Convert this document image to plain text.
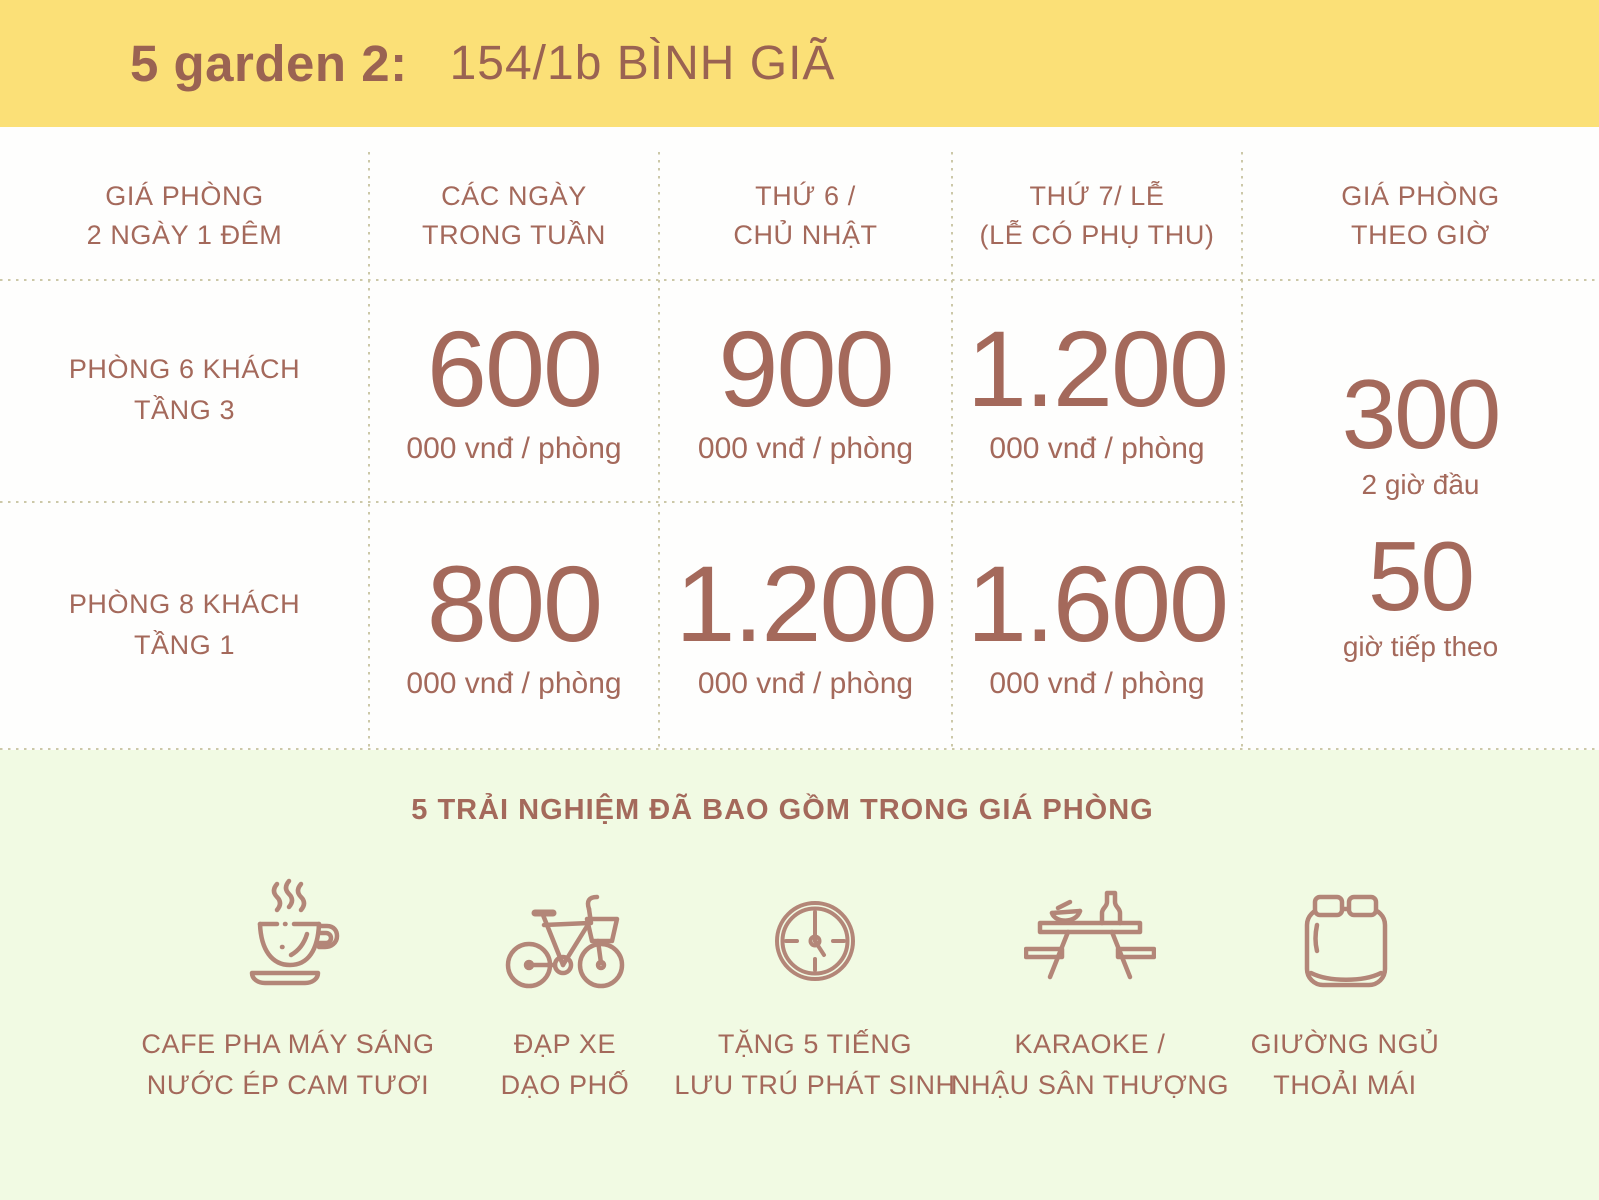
5 garden 2: 154/1b BÌNH GIÃ
GIÁ PHÒNG
2 NGÀY 1 ĐÊM
CÁC NGÀY
TRONG TUẦN
THỨ 6 /
CHỦ NHẬT
THỨ 7/ LỄ
(LỄ CÓ PHỤ THU)
GIÁ PHÒNG
THEO GIỜ
PHÒNG 6 KHÁCH
TẦNG 3 600
000 vnđ / phòng
900
000 vnđ / phòng
1.200
000 vnđ / phòng
PHÒNG 8 KHÁCH
TẦNG 1 800
000 vnđ / phòng
1.200
000 vnđ / phòng
1.600
000 vnđ / phòng
300
2 giờ đầu
50
giờ tiếp theo
5 TRẢI NGHIỆM ĐÃ BAO GỒM TRONG GIÁ PHÒNG
CAFE PHA MÁY SÁNG
NƯỚC ÉP CAM TƯƠI
ĐẠP XE
DẠO PHỐ
TẶNG 5 TIẾNG
LƯU TRÚ PHÁT SINH
KARAOKE /
NHẬU SÂN THƯỢNG
GIƯỜNG NGỦ
THOẢI MÁI
